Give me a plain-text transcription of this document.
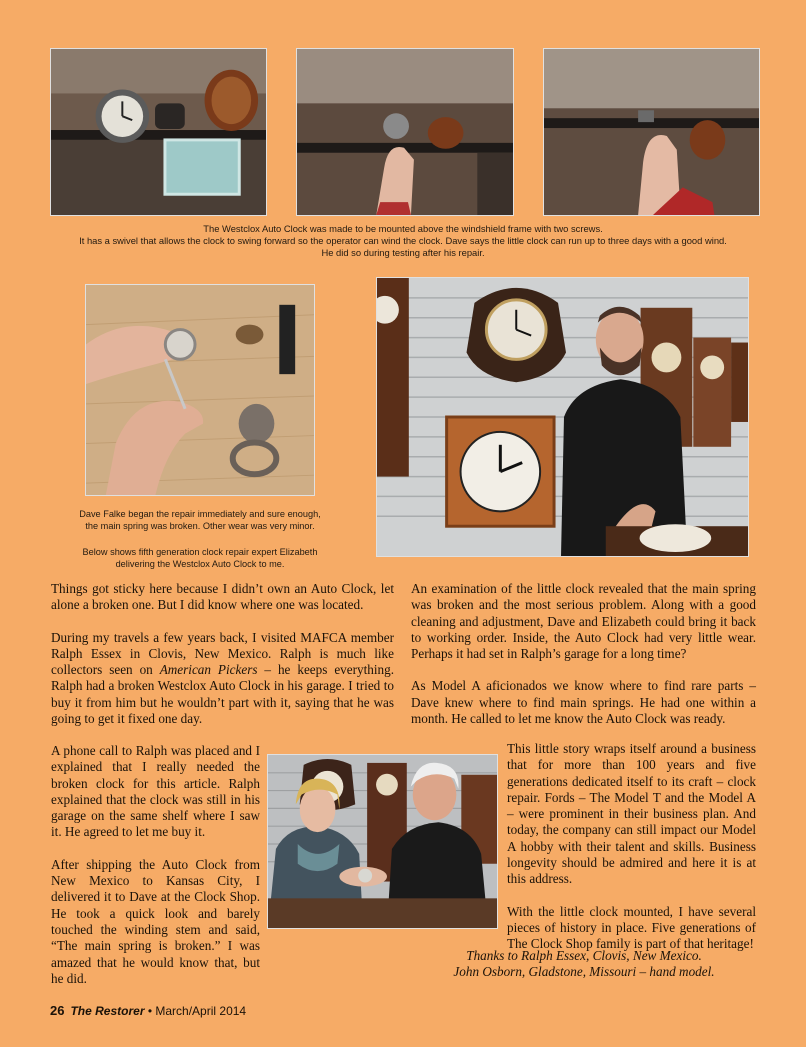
The Westclox Auto Clock was made to be mounted above the windshield frame with two screws.

It has a swivel that allows the clock to swing forward so the operator can wind the clock. Dave says the little clock can run up to three days with a good wind.

He did so during testing after his repair.

Dave Falke began the repair immediately and sure enough,

the main spring was broken. Other wear was very minor.

Below shows fifth generation clock repair expert Elizabeth

delivering the Westclox Auto Clock to me.

Things got sticky here because I didn’t own an Auto Clock, let alone a broken one. But I did know where one was located.

During my travels a few years back, I visited MAFCA member Ralph Essex in Clovis, New Mexico. Ralph is much like collectors seen on American Pickers – he keeps everything. Ralph had a broken Westclox Auto Clock in his garage. I tried to buy it from him but he wouldn’t part with it, saying that he was going to get it fixed one day.

A phone call to Ralph was placed and I explained that I really needed the broken clock for this article. Ralph explained that the clock was still in his garage on the same shelf where I saw it. He agreed to let me buy it.

After shipping the Auto Clock from New Mexico to Kansas City, I delivered it to Dave at the Clock Shop. He took a quick look and barely touched the winding stem and said, “The main spring is broken.” I was amazed that he would know that, but he did.

An examination of the little clock revealed that the main spring was broken and the most serious problem. Along with a good cleaning and adjustment, Dave and Elizabeth could bring it back to working order. Inside, the Auto Clock had very little wear. Perhaps it had set in Ralph’s garage for a long time?

As Model A aficionados we know where to find rare parts – Dave knew where to find main springs. He had one within a month. He called to let me know the Auto Clock was ready.

This little story wraps itself around a business that for more than 100 years and five generations dedicated itself to its craft – clock repair. Fords – The Model T and the Model A – were prominent in their business plan. And today, the company can still impact our Model A hobby with their talent and skills. Business longevity should be admired and here it is at this address.

With the little clock mounted, I have several pieces of history in place. Five generations of The Clock Shop family is part of that heritage!

Thanks to Ralph Essex, Clovis, New Mexico.

John Osborn, Gladstone, Missouri – hand model.

26 The Restorer • March/April 2014
